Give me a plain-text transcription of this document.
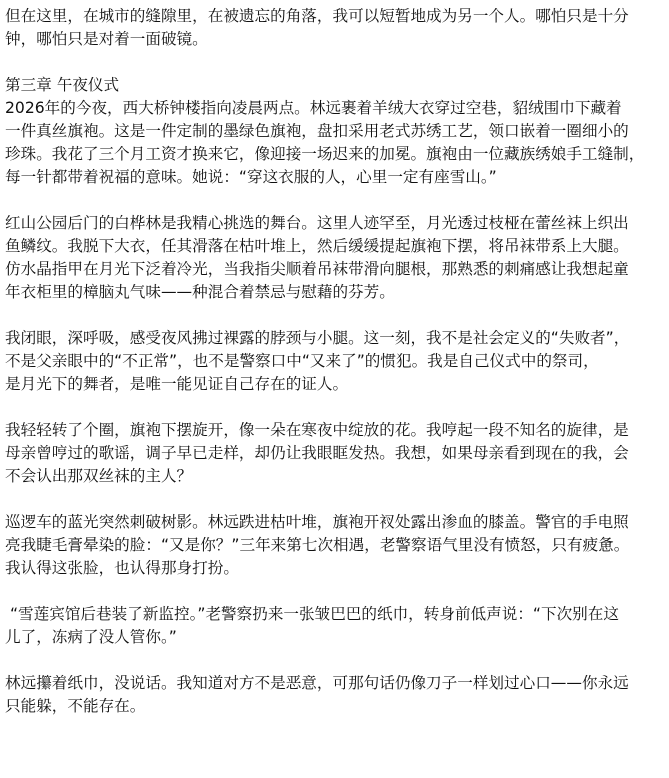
但在这里，在城市的缝隙里，在被遗忘的角落，我可以短暂地成为另一个人。哪怕只是十分
钟，哪怕只是对着一面破镜。

第三章 午夜仪式

2026年的今夜，西大桥钟楼指向凌晨两点。林远裹着羊绒大衣穿过空巷，貂绒围巾下藏着
一件真丝旗袍。这是一件定制的墨绿色旗袍，盘扣采用老式苏绣工艺，领口嵌着一圈细小的
珍珠。我花了三个月工资才换来它，像迎接一场迟来的加冕。旗袍由一位藏族绣娘手工缝制，
每一针都带着祝福的意味。她说：“穿这衣服的人，心里一定有座雪山。”

红山公园后门的白桦林是我精心挑选的舞台。这里人迹罕至，月光透过枝桠在蕾丝袜上织出
鱼鳞纹。我脱下大衣，任其滑落在枯叶堆上，然后缓缓提起旗袍下摆，将吊袜带系上大腿。
仿水晶指甲在月光下泛着冷光，当我指尖顺着吊袜带滑向腿根，那熟悉的刺痛感让我想起童
年衣柜里的樟脑丸气味——种混合着禁忌与慰藉的芬芳。

我闭眼，深呼吸，感受夜风拂过裸露的脖颈与小腿。这一刻，我不是社会定义的“失败者”，
不是父亲眼中的“不正常”，也不是警察口中“又来了”的惯犯。我是自己仪式中的祭司，
是月光下的舞者，是唯一能见证自己存在的证人。

我轻轻转了个圈，旗袍下摆旋开，像一朵在寒夜中绽放的花。我哼起一段不知名的旋律，是
母亲曾哼过的歌谣，调子早已走样，却仍让我眼眶发热。我想，如果母亲看到现在的我，会
不会认出那双丝袜的主人？

巡逻车的蓝光突然刺破树影。林远跌进枯叶堆，旗袍开衩处露出渗血的膝盖。警官的手电照
亮我睫毛膏晕染的脸：“又是你？”三年来第七次相遇，老警察语气里没有愤怒，只有疲惫。
我认得这张脸，也认得那身打扮。

“雪莲宾馆后巷装了新监控。”老警察扔来一张皱巴巴的纸巾，转身前低声说：“下次别在这
儿了，冻病了没人管你。”

林远攥着纸巾，没说话。我知道对方不是恶意，可那句话仍像刀子一样划过心口——你永远
只能躲，不能存在。
